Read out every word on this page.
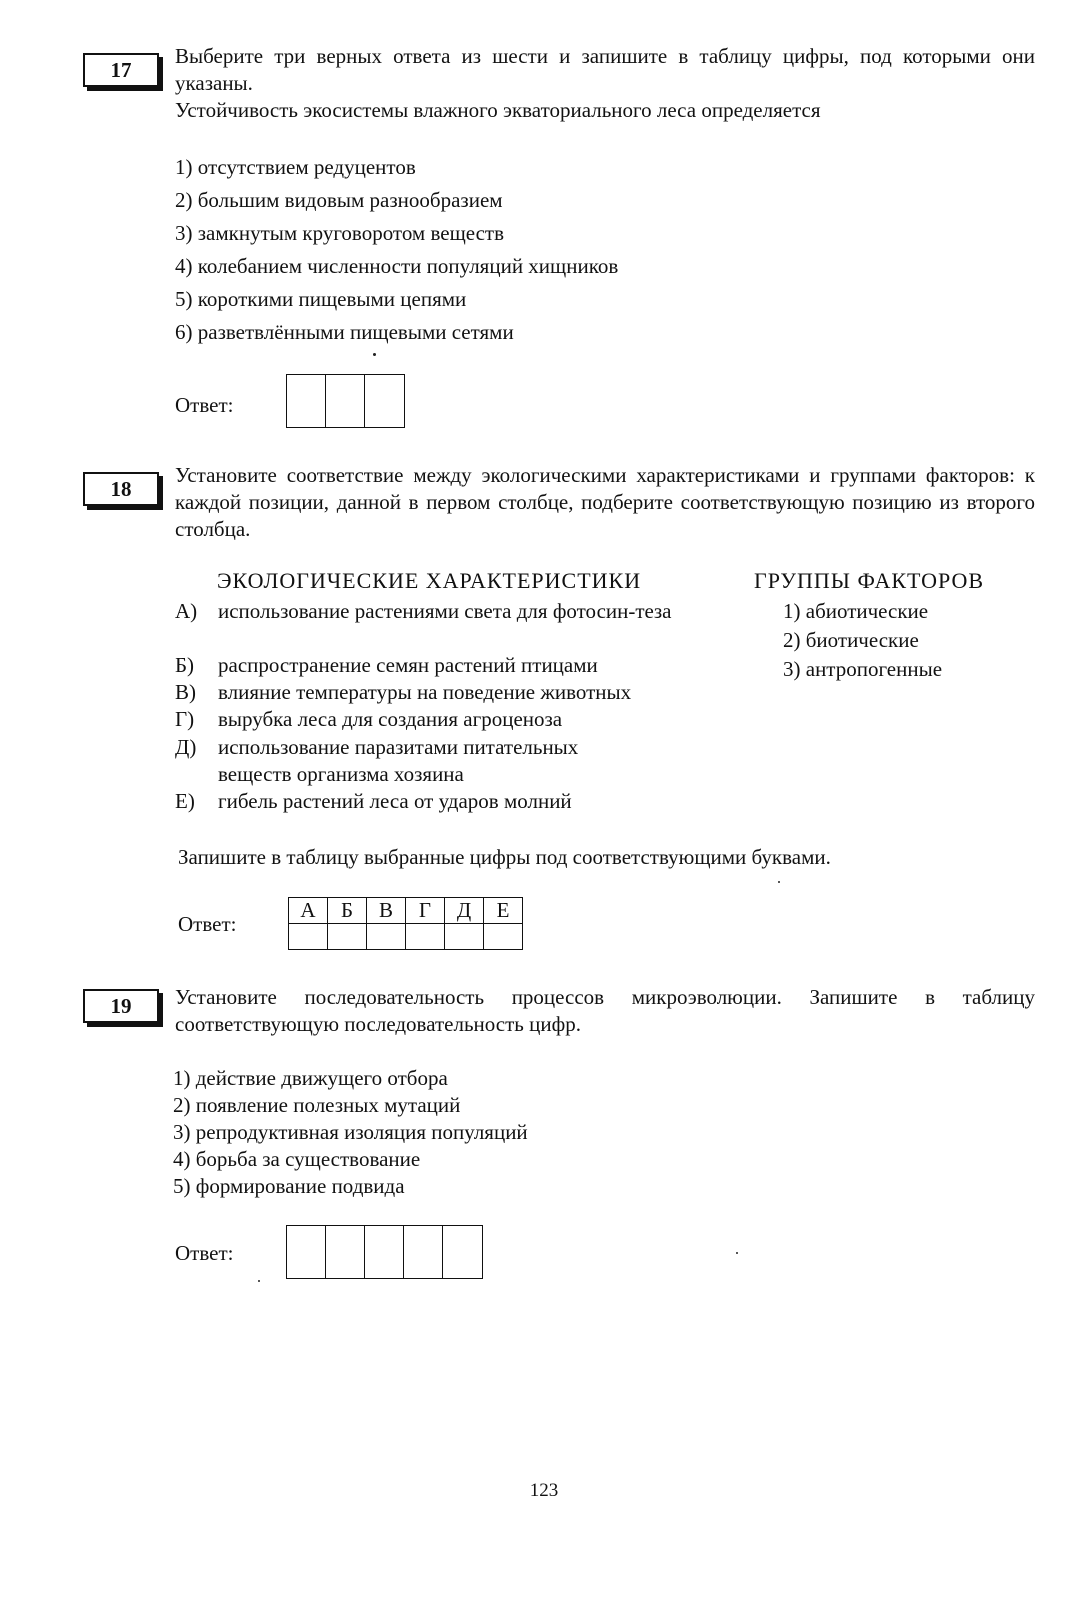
17
Выберите три верных ответа из шести и запишите в таблицу цифры, под которыми они указаны.
Устойчивость экосистемы влажного экваториального леса определяется
1) отсутствием редуцентов
2) большим видовым разнообразием
3) замкнутым круговоротом веществ
4) колебанием численности популяций хищников
5) короткими пищевыми цепями
6) разветвлёнными пищевыми сетями
Ответ:
18
Установите соответствие между экологическими характеристиками и группами факторов: к каждой позиции, данной в первом столбце, подберите соответствующую позицию из второго столбца.
ЭКОЛОГИЧЕСКИЕ ХАРАКТЕРИСТИКИ	ГРУППЫ ФАКТОРОВ
А) использование растениями света для фотосин-тeза
Б) распространение семян растений птицами
В) влияние температуры на поведение животных
Г) вырубка леса для создания агроценоза
Д) использование паразитами питательных веществ организма хозяина
Е) гибель растений леса от ударов молний
1) абиотические
2) биотические
3) антропогенные
Запишите в таблицу выбранные цифры под соответствующими буквами.
Ответ:
А	Б	В	Г	Д	Е

19	Установите последовательность процессов микроэволюции. Запишите в таблицу соответствующую последовательность цифр.
1) действие движущего отбора
2) появление полезных мутаций
3) репродуктивная изоляция популяций
4) борьба за существование
5) формирование подвида
Ответ:
123
